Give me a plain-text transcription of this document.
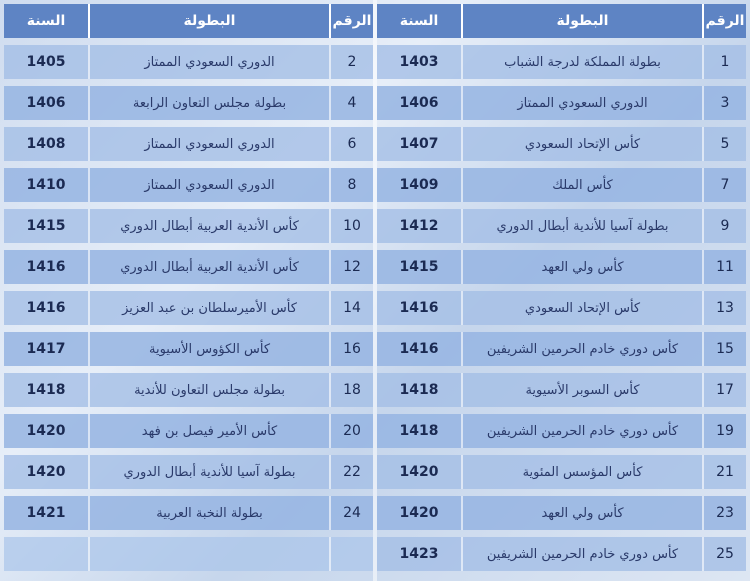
الرقم
البطولة
السنة
2
الدوري السعودي الممتاز
1405
4
بطولة مجلس التعاون الرابعة
1406
6
الدوري السعودي الممتاز
1408
8
الدوري السعودي الممتاز
1410
10
كأس الأندية العربية أبطال الدوري
1415
12
كأس الأندية العربية أبطال الدوري
1416
14
كأس الأميرسلطان بن عبد العزيز
1416
16
كأس الكؤوس الأسيوية
1417
18
بطولة مجلس التعاون للأندية
1418
20
كأس الأمير فيصل بن فهد
1420
22
بطولة آسيا للأندية أبطال الدوري
1420
24
بطولة النخبة العربية
1421
الرقم
البطولة
السنة
1
بطولة المملكة لدرجة الشباب
1403
3
الدوري السعودي الممتاز
1406
5
كأس الإتحاد السعودي
1407
7
كأس الملك
1409
9
بطولة آسيا للأندية أبطال الدوري
1412
11
كأس ولي العهد
1415
13
كأس الإتحاد السعودي
1416
15
كأس دوري خادم الحرمين الشريفين
1416
17
كأس السوبر الأسيوية
1418
19
كأس دوري خادم الحرمين الشريفين
1418
21
كأس المؤسس المئوية
1420
23
كأس ولي العهد
1420
25
كأس دوري خادم الحرمين الشريفين
1423
